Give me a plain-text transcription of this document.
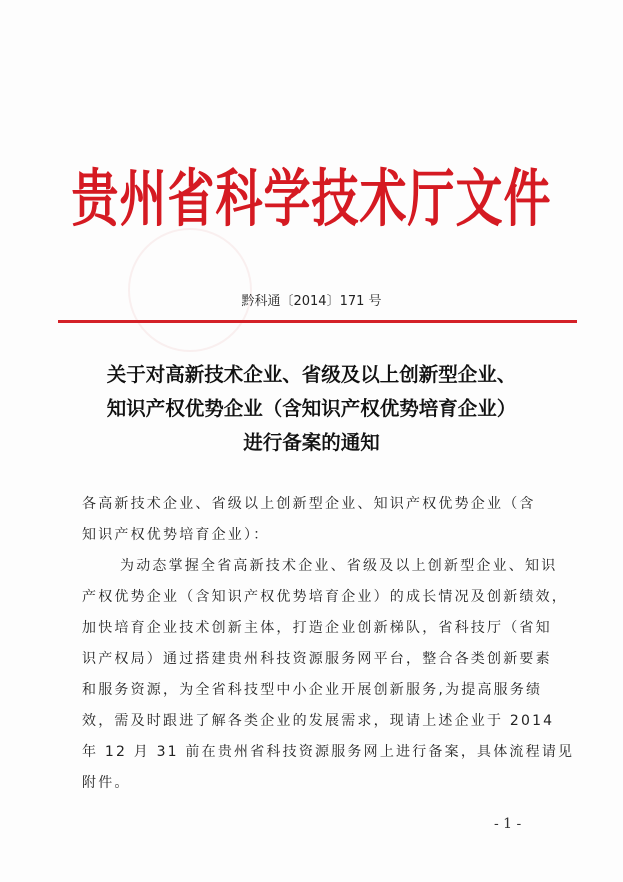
贵州省科学技术厅文件
黔科通〔2014〕171 号
关于对高新技术企业、省级及以上创新型企业、
知识产权优势企业（含知识产权优势培育企业）
进行备案的通知
各高新技术企业、省级以上创新型企业、知识产权优势企业（含
知识产权优势培育企业）：
为动态掌握全省高新技术企业、省级及以上创新型企业、知识
产权优势企业（含知识产权优势培育企业）的成长情况及创新绩效，
加快培育企业技术创新主体，打造企业创新梯队，省科技厅（省知
识产权局）通过搭建贵州科技资源服务网平台，整合各类创新要素
和服务资源，为全省科技型中小企业开展创新服务,为提高服务绩
效，需及时跟进了解各类企业的发展需求，现请上述企业于 2014
年 12 月 31 前在贵州省科技资源服务网上进行备案，具体流程请见
附件。
- 1 -
